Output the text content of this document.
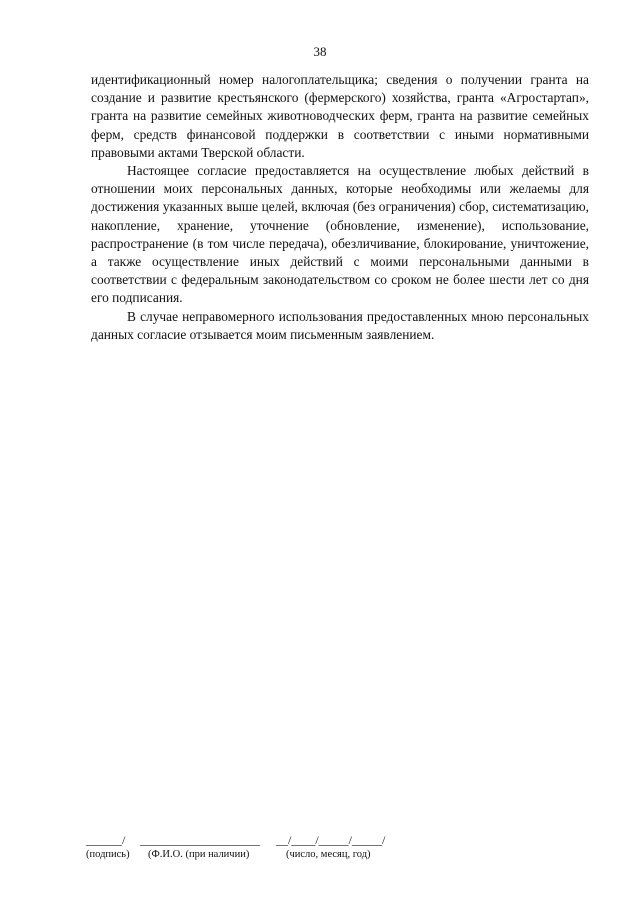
38

идентификационный номер налогоплательщика; сведения о получении гранта на создание и развитие крестьянского (фермерского) хозяйства, гранта «Агростартап», гранта на развитие семейных животноводческих ферм, гранта на развитие семейных ферм, средств финансовой поддержки в соответствии с иными нормативными правовыми актами Тверской области.

Настоящее согласие предоставляется на осуществление любых действий в отношении моих персональных данных, которые необходимы или желаемы для достижения указанных выше целей, включая (без ограничения) сбор, систематизацию, накопление, хранение, уточнение (обновление, изменение), использование, распространение (в том числе передача), обезличивание, блокирование, уничтожение, а также осуществление иных действий с моими персональными данными в соответствии с федеральным законодательством со сроком не более шести лет со дня его подписания.

В случае неправомерного использования предоставленных мною персональных данных согласие отзывается моим письменным заявлением.

______/ ____________________ __/____/_____/_____/
(подпись) (Ф.И.О. (при наличии)	(число, месяц, год)
